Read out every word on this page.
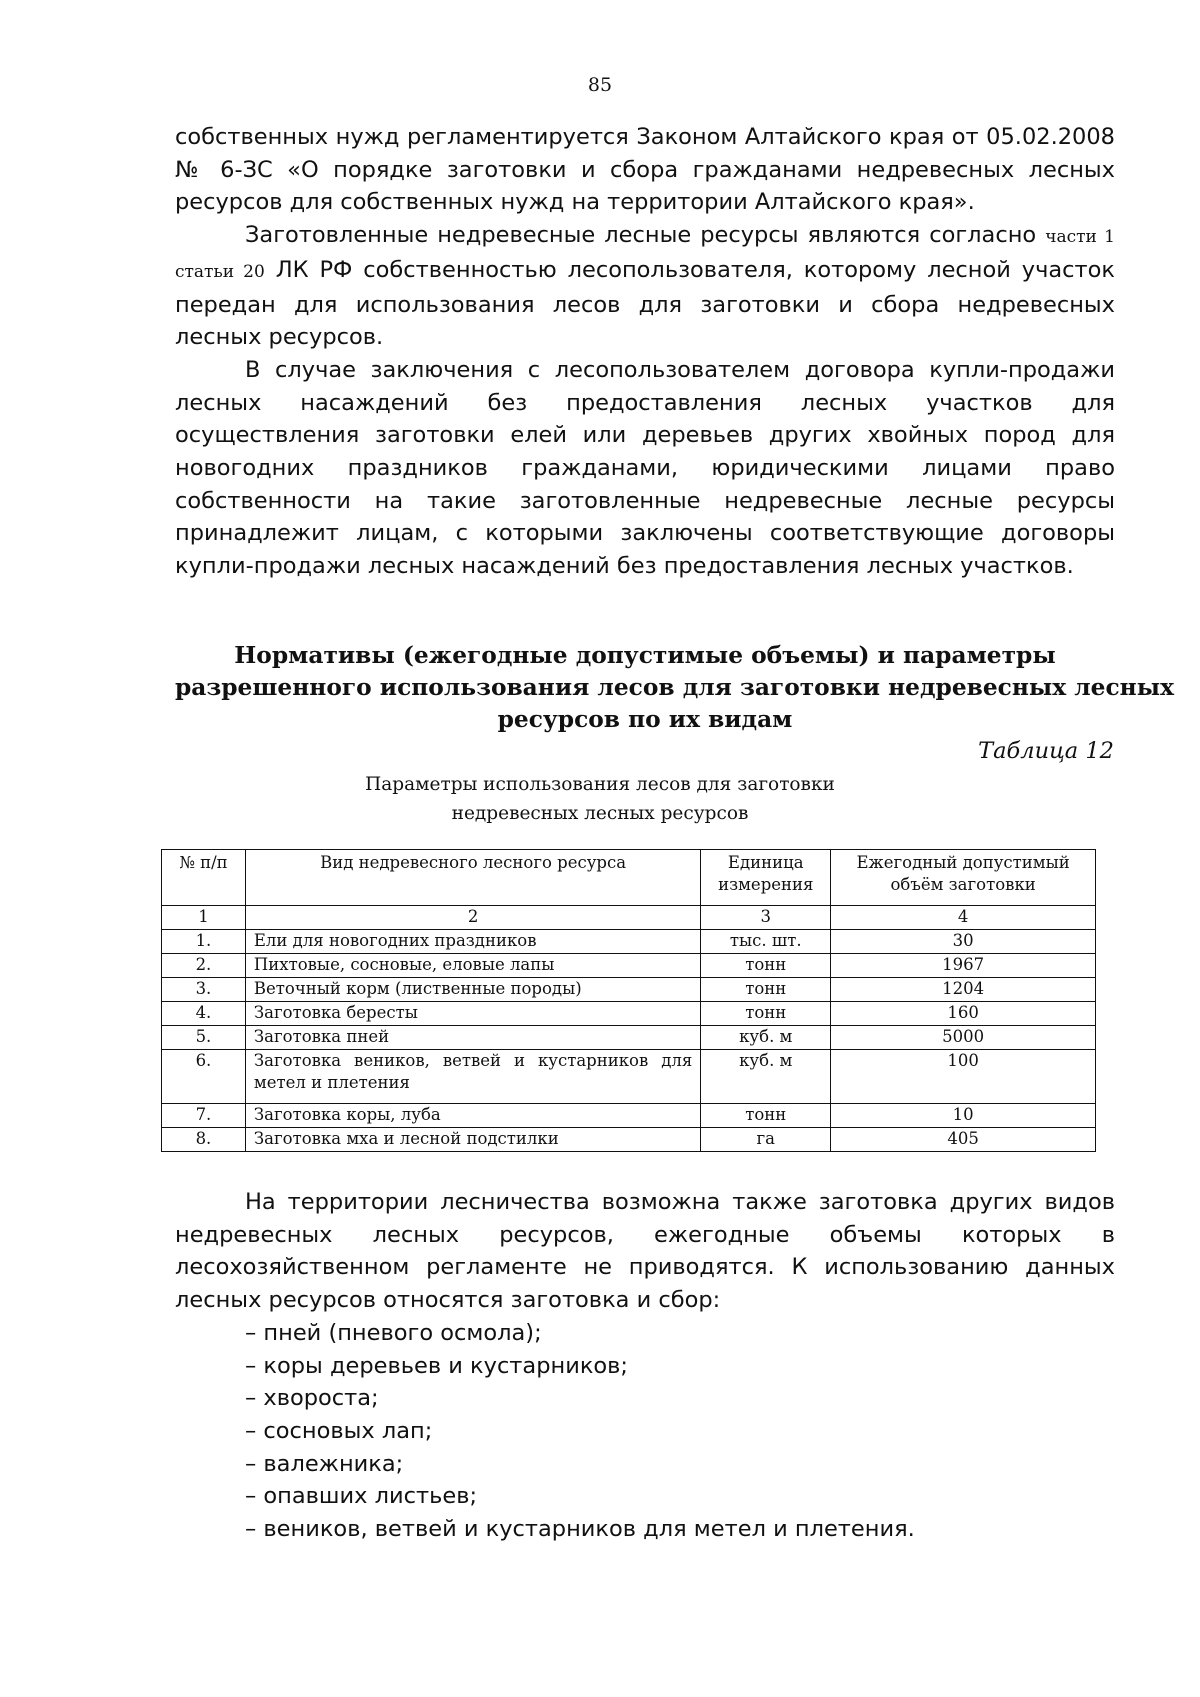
85

собственных нужд регламентируется Законом Алтайского края от 05.02.2008 № 6-ЗС «О порядке заготовки и сбора гражданами недревесных лесных ресурсов для собственных нужд на территории Алтайского края».

Заготовленные недревесные лесные ресурсы являются согласно части 1 статьи 20 ЛК РФ собственностью лесопользователя, которому лесной участок передан для использования лесов для заготовки и сбора недревесных лесных ресурсов.

В случае заключения с лесопользователем договора купли-продажи лесных насаждений без предоставления лесных участков для осуществления заготовки елей или деревьев других хвойных пород для новогодних праздников гражданами, юридическими лицами право собственности на такие заготовленные недревесные лесные ресурсы принадлежит лицам, с которыми заключены соответствующие договоры купли-продажи лесных насаждений без предоставления лесных участков.

Нормативы (ежегодные допустимые объемы) и параметры
разрешенного использования лесов для заготовки недревесных лесных
ресурсов по их видам
Таблица 12
Параметры использования лесов для заготовки
недревесных лесных ресурсов
№ п/п	Вид недревесного лесного ресурса	Единица измерения	Ежегодный допустимый объём заготовки
1	2	3	4
1.	Ели для новогодних праздников	тыс. шт.	30
2.	Пихтовые, сосновые, еловые лапы	тонн	1967
3.	Веточный корм (лиственные породы)	тонн	1204
4.	Заготовка бересты	тонн	160
5.	Заготовка пней	куб. м	5000
6.	Заготовка веников, ветвей и кустарников для метел и плетения	куб. м	100
7.	Заготовка коры, луба	тонн	10
8.	Заготовка мха и лесной подстилки	га	405

На территории лесничества возможна также заготовка других видов недревесных лесных ресурсов, ежегодные объемы которых в лесохозяйственном регламенте не приводятся. К использованию данных лесных ресурсов относятся заготовка и сбор:

– пней (пневого осмола);
– коры деревьев и кустарников;
– хвороста;
– сосновых лап;
– валежника;
– опавших листьев;
– веников, ветвей и кустарников для метел и плетения.
